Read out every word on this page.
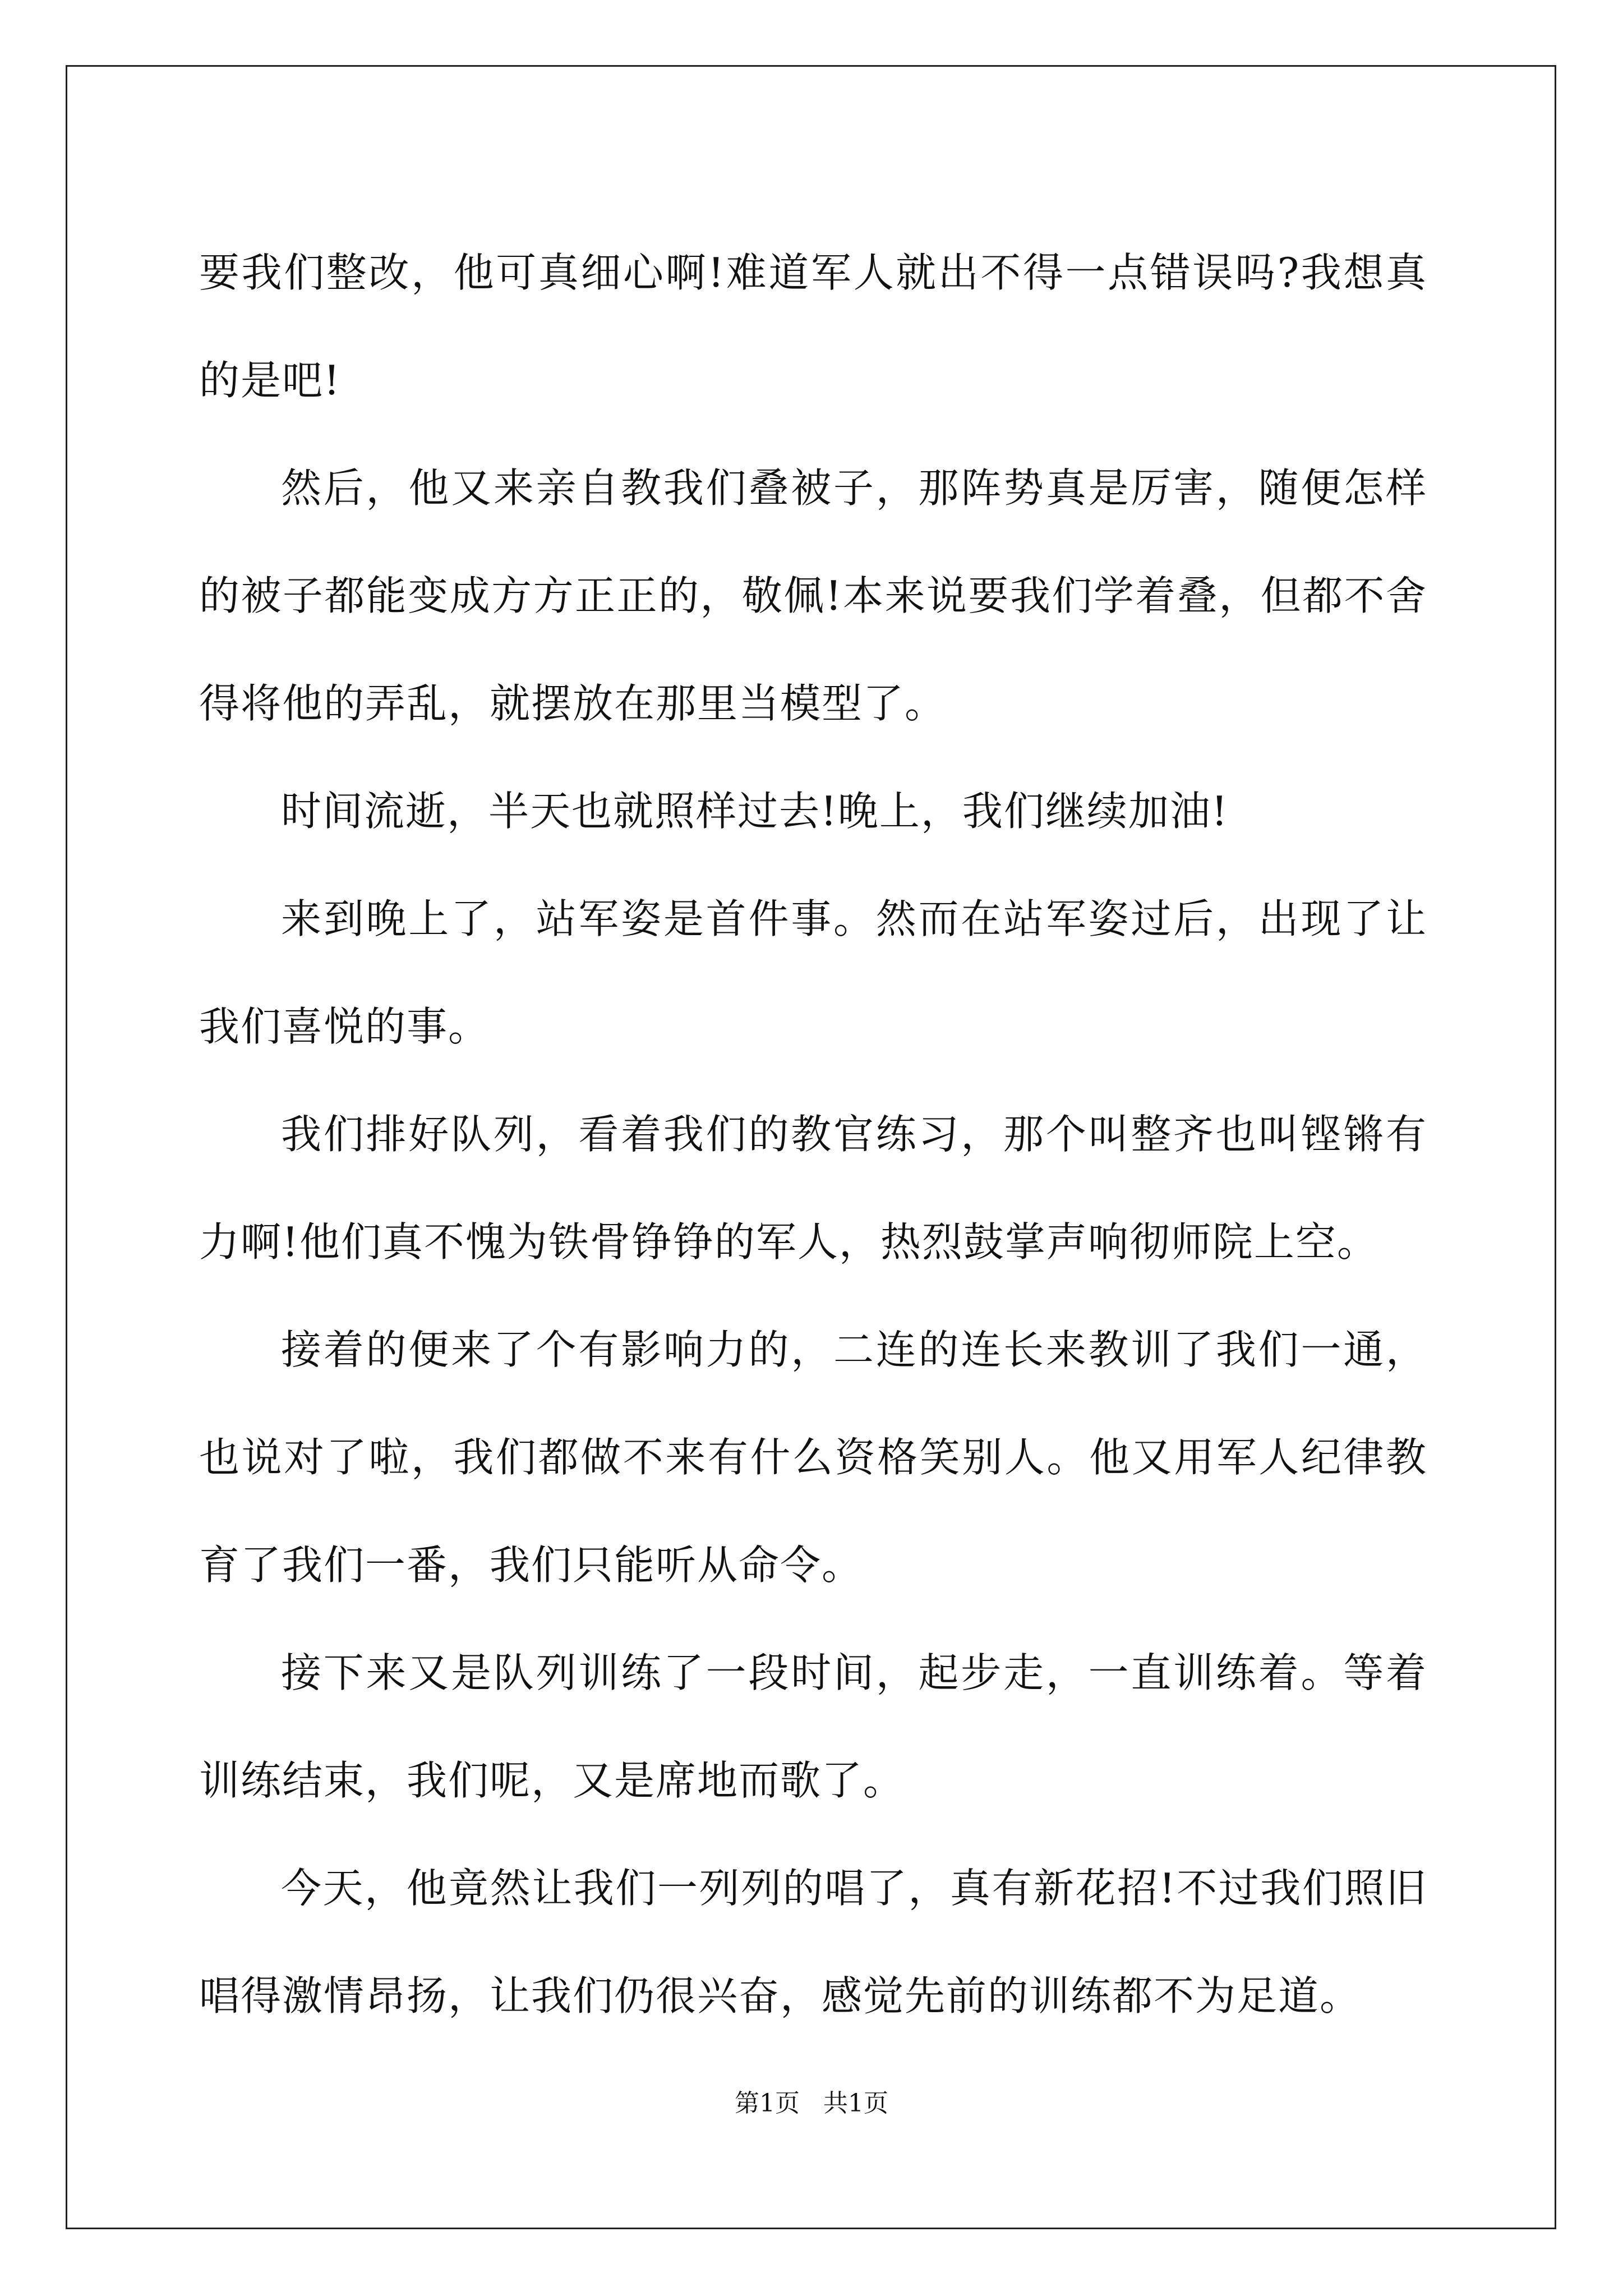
要我们整改，他可真细心啊!难道军人就出不得一点错误吗?我想真的是吧!

然后，他又来亲自教我们叠被子，那阵势真是厉害，随便怎样的被子都能变成方方正正的，敬佩!本来说要我们学着叠，但都不舍得将他的弄乱，就摆放在那里当模型了。

时间流逝，半天也就照样过去!晚上，我们继续加油!

来到晚上了，站军姿是首件事。然而在站军姿过后，出现了让我们喜悦的事。

我们排好队列，看着我们的教官练习，那个叫整齐也叫铿锵有力啊!他们真不愧为铁骨铮铮的军人，热烈鼓掌声响彻师院上空。

接着的便来了个有影响力的，二连的连长来教训了我们一通，也说对了啦，我们都做不来有什么资格笑别人。他又用军人纪律教育了我们一番，我们只能听从命令。

接下来又是队列训练了一段时间，起步走，一直训练着。等着训练结束，我们呢，又是席地而歌了。

今天，他竟然让我们一列列的唱了，真有新花招!不过我们照旧唱得激情昂扬，让我们仍很兴奋，感觉先前的训练都不为足道。

第1页 共1页
